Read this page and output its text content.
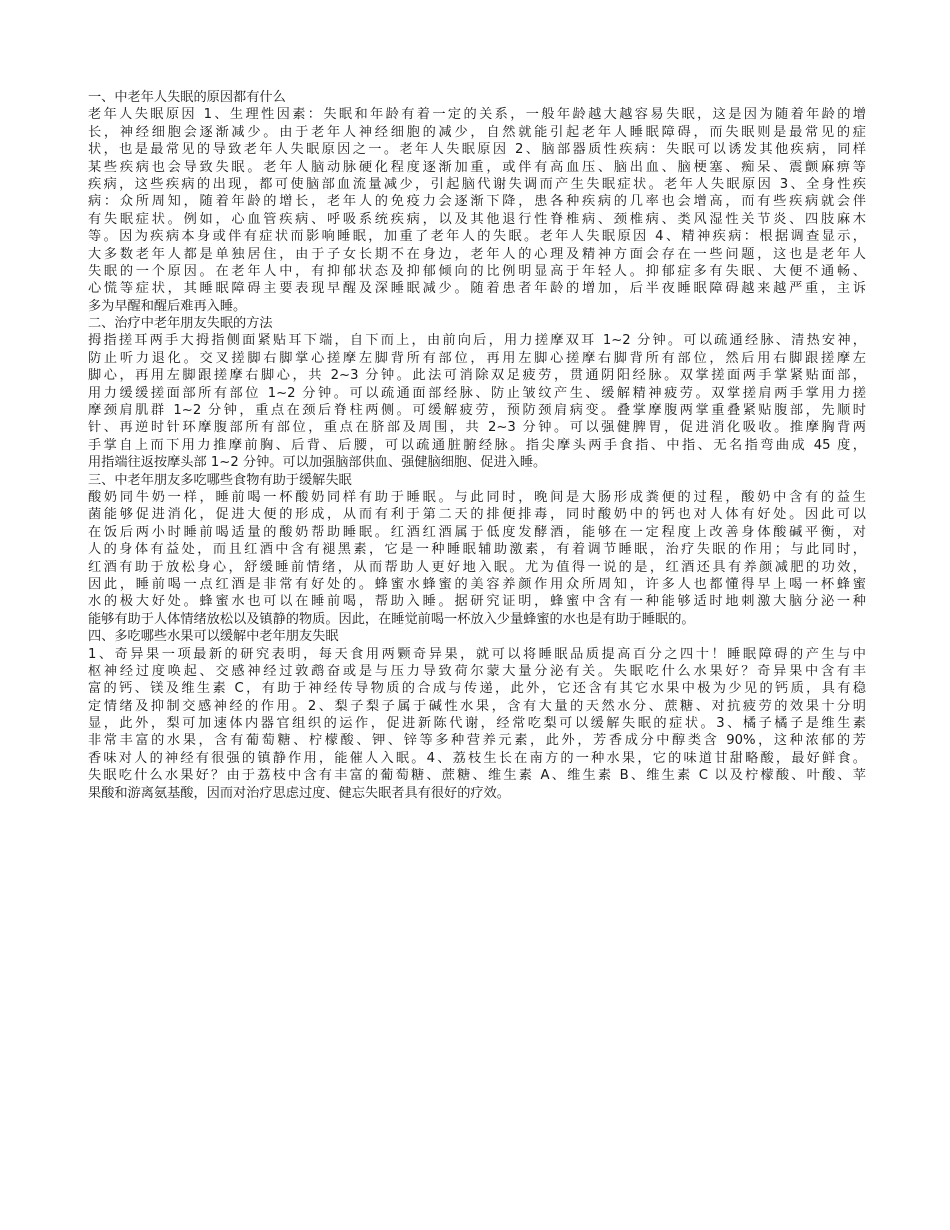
一、中老年人失眠的原因都有什么
老年人失眠原因 1、生理性因素：失眠和年龄有着一定的关系，一般年龄越大越容易失眠，这是因为随着年龄的增
长，神经细胞会逐渐减少。由于老年人神经细胞的减少，自然就能引起老年人睡眠障碍，而失眠则是最常见的症
状，也是最常见的导致老年人失眠原因之一。老年人失眠原因 2、脑部器质性疾病：失眠可以诱发其他疾病，同样
某些疾病也会导致失眠。老年人脑动脉硬化程度逐渐加重，或伴有高血压、脑出血、脑梗塞、痴呆、震颤麻痹等
疾病，这些疾病的出现，都可使脑部血流量减少，引起脑代谢失调而产生失眠症状。老年人失眠原因 3、全身性疾
病：众所周知，随着年龄的增长，老年人的免疫力会逐渐下降，患各种疾病的几率也会增高，而有些疾病就会伴
有失眠症状。例如，心血管疾病、呼吸系统疾病，以及其他退行性脊椎病、颈椎病、类风湿性关节炎、四肢麻木
等。因为疾病本身或伴有症状而影响睡眠，加重了老年人的失眠。老年人失眠原因 4、精神疾病：根据调查显示，
大多数老年人都是单独居住，由于子女长期不在身边，老年人的心理及精神方面会存在一些问题，这也是老年人
失眠的一个原因。在老年人中，有抑郁状态及抑郁倾向的比例明显高于年轻人。抑郁症多有失眠、大便不通畅、
心慌等症状，其睡眠障碍主要表现早醒及深睡眠减少。随着患者年龄的增加，后半夜睡眠障碍越来越严重，主诉
多为早醒和醒后难再入睡。
二、治疗中老年朋友失眠的方法
拇指搓耳两手大拇指侧面紧贴耳下端，自下而上，由前向后，用力搓摩双耳 1~2 分钟。可以疏通经脉、清热安神，
防止听力退化。交叉搓脚右脚掌心搓摩左脚背所有部位，再用左脚心搓摩右脚背所有部位，然后用右脚跟搓摩左
脚心，再用左脚跟搓摩右脚心，共 2~3 分钟。此法可消除双足疲劳，贯通阴阳经脉。双掌搓面两手掌紧贴面部，
用力缓缓搓面部所有部位 1~2 分钟。可以疏通面部经脉、防止皱纹产生、缓解精神疲劳。双掌搓肩两手掌用力搓
摩颈肩肌群 1~2 分钟，重点在颈后脊柱两侧。可缓解疲劳，预防颈肩病变。叠掌摩腹两掌重叠紧贴腹部，先顺时
针、再逆时针环摩腹部所有部位，重点在脐部及周围，共 2~3 分钟。可以强健脾胃，促进消化吸收。推摩胸背两
手掌自上而下用力推摩前胸、后背、后腰，可以疏通脏腑经脉。指尖摩头两手食指、中指、无名指弯曲成 45 度，
用指端往返按摩头部 1~2 分钟。可以加强脑部供血、强健脑细胞、促进入睡。
三、中老年朋友多吃哪些食物有助于缓解失眠
酸奶同牛奶一样，睡前喝一杯酸奶同样有助于睡眠。与此同时，晚间是大肠形成粪便的过程，酸奶中含有的益生
菌能够促进消化，促进大便的形成，从而有利于第二天的排便排毒，同时酸奶中的钙也对人体有好处。因此可以
在饭后两小时睡前喝适量的酸奶帮助睡眠。红酒红酒属于低度发酵酒，能够在一定程度上改善身体酸碱平衡，对
人的身体有益处，而且红酒中含有褪黑素，它是一种睡眠辅助激素，有着调节睡眠，治疗失眠的作用；与此同时，
红酒有助于放松身心，舒缓睡前情绪，从而帮助人更好地入眠。尤为值得一说的是，红酒还具有养颜减肥的功效，
因此，睡前喝一点红酒是非常有好处的。蜂蜜水蜂蜜的美容养颜作用众所周知，许多人也都懂得早上喝一杯蜂蜜
水的极大好处。蜂蜜水也可以在睡前喝，帮助入睡。据研究证明，蜂蜜中含有一种能够适时地刺激大脑分泌一种
能够有助于人体情绪放松以及镇静的物质。因此，在睡觉前喝一杯放入少量蜂蜜的水也是有助于睡眠的。
四、多吃哪些水果可以缓解中老年朋友失眠
1、奇异果一项最新的研究表明，每天食用两颗奇异果，就可以将睡眠品质提高百分之四十！睡眠障碍的产生与中
枢神经过度唤起、交感神经过敦鹉奋或是与压力导致荷尔蒙大量分泌有关。失眠吃什么水果好？奇异果中含有丰
富的钙、镁及维生素 C，有助于神经传导物质的合成与传递，此外，它还含有其它水果中极为少见的钙质，具有稳
定情绪及抑制交感神经的作用。2、梨子梨子属于碱性水果，含有大量的天然水分、蔗糖、对抗疲劳的效果十分明
显，此外，梨可加速体内器官组织的运作，促进新陈代谢，经常吃梨可以缓解失眠的症状。3、橘子橘子是维生素
非常丰富的水果，含有葡萄糖、柠檬酸、钾、锌等多种营养元素，此外，芳香成分中醇类含 90%，这种浓郁的芳
香味对人的神经有很强的镇静作用，能催人入眠。4、荔枝生长在南方的一种水果，它的味道甘甜略酸，最好鲜食。
失眠吃什么水果好？由于荔枝中含有丰富的葡萄糖、蔗糖、维生素 A、维生素 B、维生素 C 以及柠檬酸、叶酸、苹
果酸和游离氨基酸，因而对治疗思虑过度、健忘失眠者具有很好的疗效。
